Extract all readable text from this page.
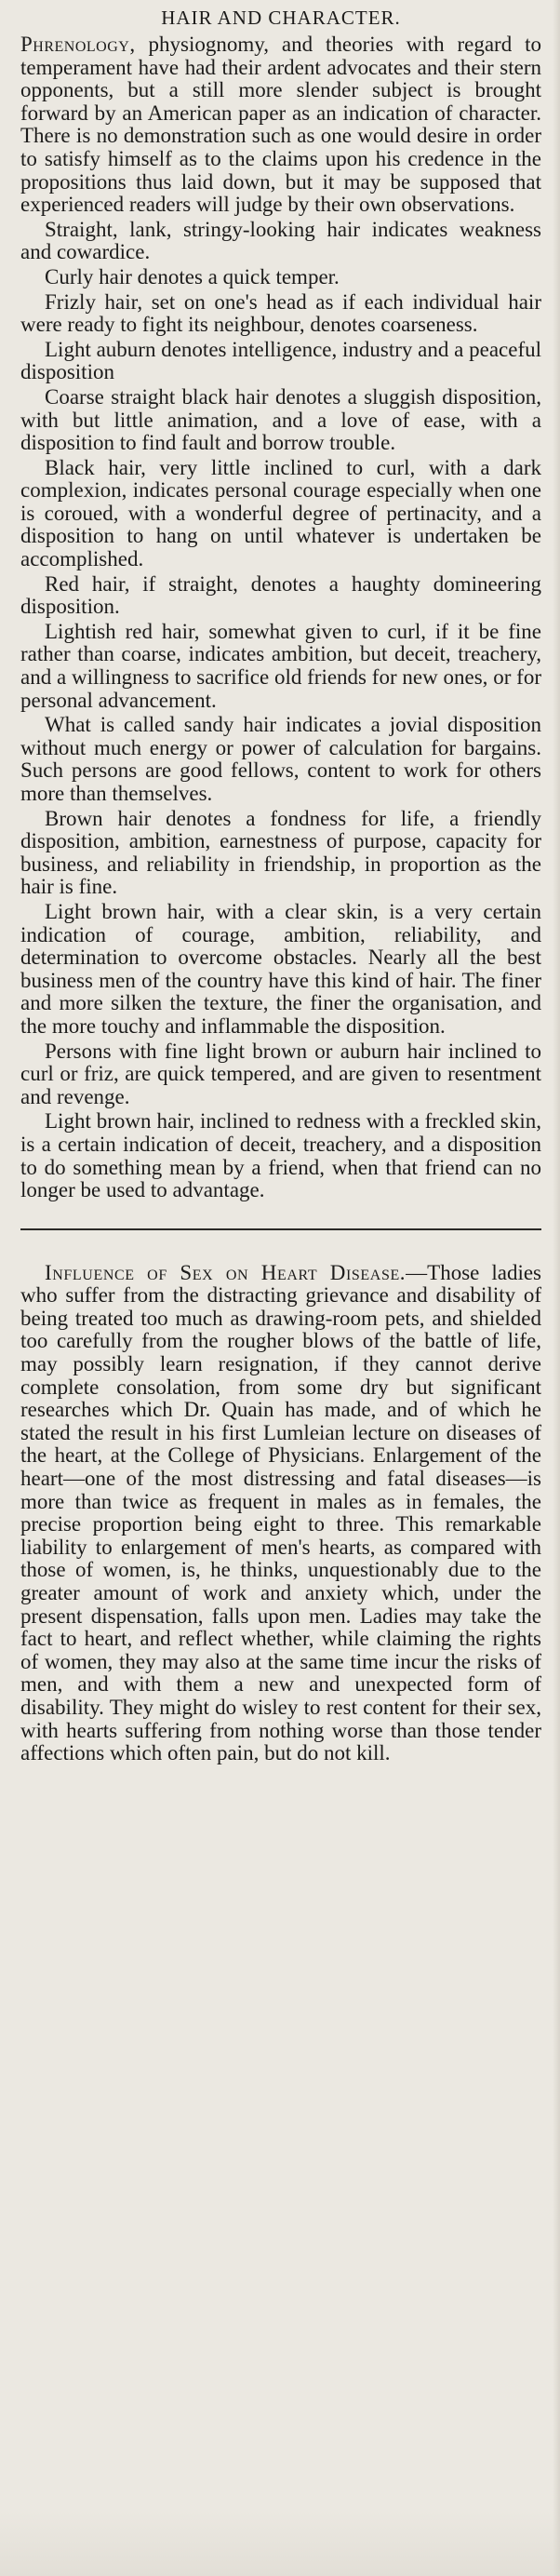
HAIR AND CHARACTER.

Phrenology, physiognomy, and theories with regard to temperament have had their ardent advocates and their stern opponents, but a still more slender subject is brought forward by an American paper as an indication of character. There is no demonstration such as one would desire in order to satisfy himself as to the claims upon his credence in the propositions thus laid down, but it may be supposed that experienced readers will judge by their own observations.

Straight, lank, stringy-looking hair indicates weakness and cowardice.

Curly hair denotes a quick temper.

Frizly hair, set on one's head as if each individual hair were ready to fight its neighbour, denotes coarseness.

Light auburn denotes intelligence, industry and a peaceful disposition

Coarse straight black hair denotes a sluggish disposition, with but little animation, and a love of ease, with a disposition to find fault and borrow trouble.

Black hair, very little inclined to curl, with a dark complexion, indicates personal courage especially when one is coroued, with a wonderful degree of pertinacity, and a disposition to hang on until whatever is undertaken be accomplished.

Red hair, if straight, denotes a haughty domineering disposition.

Lightish red hair, somewhat given to curl, if it be fine rather than coarse, indicates ambition, but deceit, treachery, and a willingness to sacrifice old friends for new ones, or for personal advancement.

What is called sandy hair indicates a jovial disposition without much energy or power of calculation for bargains. Such persons are good fellows, content to work for others more than themselves.

Brown hair denotes a fondness for life, a friendly disposition, ambition, earnestness of purpose, capacity for business, and reliability in friendship, in proportion as the hair is fine.

Light brown hair, with a clear skin, is a very certain indication of courage, ambition, reliability, and determination to overcome obstacles. Nearly all the best business men of the country have this kind of hair. The finer and more silken the texture, the finer the organisation, and the more touchy and inflammable the disposition.

Persons with fine light brown or auburn hair inclined to curl or friz, are quick tempered, and are given to resentment and revenge.

Light brown hair, inclined to redness with a freckled skin, is a certain indication of deceit, treachery, and a disposition to do something mean by a friend, when that friend can no longer be used to advantage.

Influence of Sex on Heart Disease.—Those ladies who suffer from the distracting grievance and disability of being treated too much as drawing-room pets, and shielded too carefully from the rougher blows of the battle of life, may possibly learn resignation, if they cannot derive complete consolation, from some dry but significant researches which Dr. Quain has made, and of which he stated the result in his first Lumleian lecture on diseases of the heart, at the College of Physicians. Enlargement of the heart—one of the most distressing and fatal diseases—is more than twice as frequent in males as in females, the precise proportion being eight to three. This remarkable liability to enlargement of men's hearts, as compared with those of women, is, he thinks, unquestionably due to the greater amount of work and anxiety which, under the present dispensation, falls upon men. Ladies may take the fact to heart, and reflect whether, while claiming the rights of women, they may also at the same time incur the risks of men, and with them a new and unexpected form of disability. They might do wisley to rest content for their sex, with hearts suffering from nothing worse than those tender affections which often pain, but do not kill.
